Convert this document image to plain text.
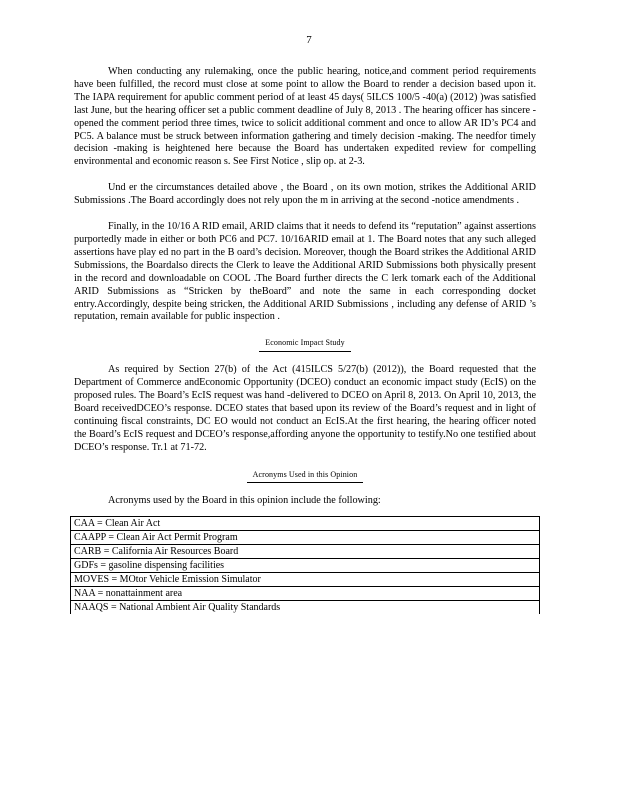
7

When conducting any rulemaking, once the public hearing, notice,and comment period requirements have been fulfilled, the record must close at some point to allow the Board to render a decision based upon it. The IAPA requirement for apublic comment period of at least 45 days( 5ILCS 100/5 -40(a) (2012) )was satisfied last June, but the hearing officer set a public comment deadline of July 8, 2013 . The hearing officer has sincere -opened the comment period three times, twice to solicit additional comment and once to allow AR ID’s PC4 and PC5. A balance must be struck between information gathering and timely decision -making. The needfor timely decision -making is heightened here because the Board has undertaken expedited review for compelling environmental and economic reason s. See First Notice , slip op. at 2-3.

Und er the circumstances detailed above , the Board , on its own motion, strikes the Additional ARID Submissions .The Board accordingly does not rely upon the m in arriving at the second -notice amendments .

Finally, in the 10/16 A RID email, ARID claims that it needs to defend its “reputation” against assertions purportedly made in either or both PC6 and PC7. 10/16ARID email at 1. The Board notes that any such alleged assertions have play ed no part in the B oard’s decision. Moreover, though the Board strikes the Additional ARID Submissions, the Boardalso directs the Clerk to leave the Additional ARID Submissions both physically present in the record and downloadable on COOL .The Board further directs the C lerk tomark each of the Additional ARID Submissions as “Stricken by theBoard” and note the same in each corresponding docket entry.Accordingly, despite being stricken, the Additional ARID Submissions , including any defense of ARID ’s reputation, remain available for public inspection .

Economic Impact Study

As required by Section 27(b) of the Act (415ILCS 5/27(b) (2012)), the Board requested that the Department of Commerce andEconomic Opportunity (DCEO) conduct an economic impact study (EcIS) on the proposed rules. The Board’s EcIS request was hand -delivered to DCEO on April 8, 2013. On April 10, 2013, the Board receivedDCEO’s response. DCEO states that based upon its review of the Board’s request and in light of continuing fiscal constraints, DC EO would not conduct an EcIS.At the first hearing, the hearing officer noted the Board’s EcIS request and DCEO’s response,affording anyone the opportunity to testify.No one testified about DCEO’s response. Tr.1 at 71-72.

Acronyms Used in this Opinion

Acronyms used by the Board in this opinion include the following:

CAA = Clean Air Act
CAAPP = Clean Air Act Permit Program
CARB = California Air Resources Board
GDFs = gasoline dispensing facilities
MOVES = MOtor Vehicle Emission Simulator
NAA = nonattainment area
NAAQS = National Ambient Air Quality Standards
